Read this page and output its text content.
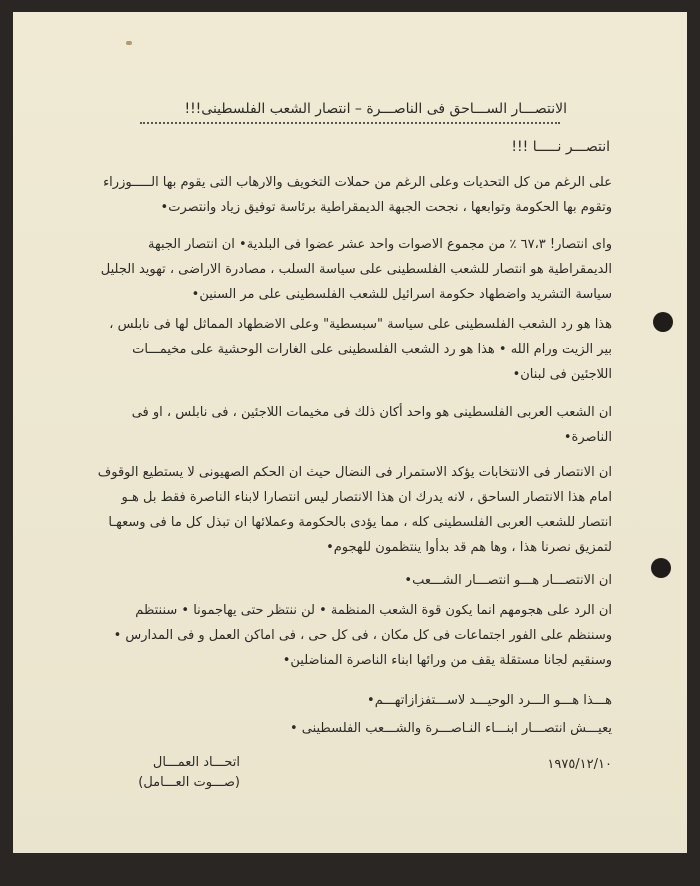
الانتصـــار الســـاحق فى الناصـــرة – انتصار الشعب الفلسطينى!!!
انتصـــر نـــــا !!!
على الرغم من كل التحديات وعلى الرغم من حملات التخويف والارهاب التى يقوم بها الـــــوزراء وتقوم بها الحكومة وتوابعها ، نجحت الجبهة الديمقراطية برئاسة توفيق زياد وانتصرت•
واى انتصار! ٦٧،٣ ٪ من مجموع الاصوات واحد عشر عضوا فى البلدية• ان انتصار الجبهة الديمقراطية هو انتصار للشعب الفلسطينى على سياسة السلب ، مصادرة الاراضى ، تهويد الجليل سياسة التشريد واضطهاد حكومة اسرائيل للشعب الفلسطينى على مر السنين•
هذا هو رد الشعب الفلسطينى على سياسة "سبسطية" وعلى الاضطهاد المماثل لها فى نابلس ، بير الزيت ورام الله • هذا هو رد الشعب الفلسطينى على الغارات الوحشية على مخيمـــات اللاجئين فى لبنان•
ان الشعب العربى الفلسطينى هو واحد أكان ذلك فى مخيمات اللاجئين ، فى نابلس ، او فى الناصرة•
ان الانتصار فى الانتخابات يؤكد الاستمرار فى النضال حيث ان الحكم الصهيونى لا يستطيع الوقوف امام هذا الانتصار الساحق ، لانه يدرك ان هذا الانتصار ليس انتصارا لابناء الناصرة فقط بل هـو انتصار للشعب العربى الفلسطينى كله ، مما يؤدى بالحكومة وعملائها ان تبذل كل ما فى وسعهـا لتمزيق نصرنا هذا ، وها هم قد بدأوا ينتظمون للهجوم•
ان الانتصـــار هـــو انتصـــار الشـــعب•
ان الرد على هجومهم انما يكون قوة الشعب المنظمة • لن ننتظر حتى يهاجمونا • سننتظم وسننظم على الفور اجتماعات فى كل مكان ، فى كل حى ، فى اماكن العمل و فى المدارس • وسنقيم لجانا مستقلة يقف من ورائها ابناء الناصرة المناضلين•
هـــذا هـــو الـــرد الوحيـــد لاســـتفزازاتهـــم•
يعيـــش انتصـــار ابنـــاء النـاصـــرة والشـــعب الفلسطينى •
١٩٧٥/١٢/١٠
اتحـــاد العمـــال
(صـــوت العـــامل)
